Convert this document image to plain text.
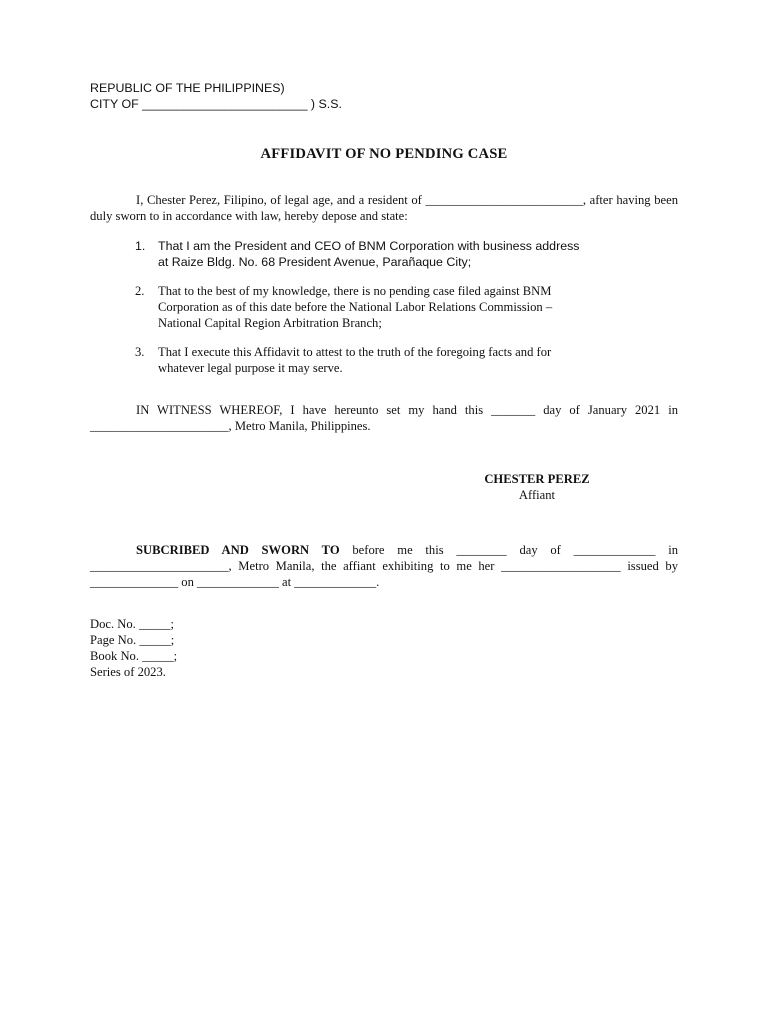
REPUBLIC OF THE PHILIPPINES)
CITY OF ________________________ ) S.S.
AFFIDAVIT OF NO PENDING CASE
I, Chester Perez, Filipino, of legal age, and a resident of _________________________, after having been duly sworn to in accordance with law, hereby depose and state:
1. That I am the President and CEO of BNM Corporation with business address
at Raize Bldg. No. 68 President Avenue, Parañaque City;
2. That to the best of my knowledge, there is no pending case filed against BNM
Corporation as of this date before the National Labor Relations Commission –
National Capital Region Arbitration Branch;
3. That I execute this Affidavit to attest to the truth of the foregoing facts and for
whatever legal purpose it may serve.
IN WITNESS WHEREOF, I have hereunto set my hand this _______ day of January 2021 in ______________________, Metro Manila, Philippines.
CHESTER PEREZ
Affiant
SUBCRIBED AND SWORN TO before me this ________ day of _____________ in ______________________, Metro Manila, the affiant exhibiting to me her ___________________ issued by ______________ on _____________ at _____________.
Doc. No. _____;
Page No. _____;
Book No. _____;
Series of 2023.
